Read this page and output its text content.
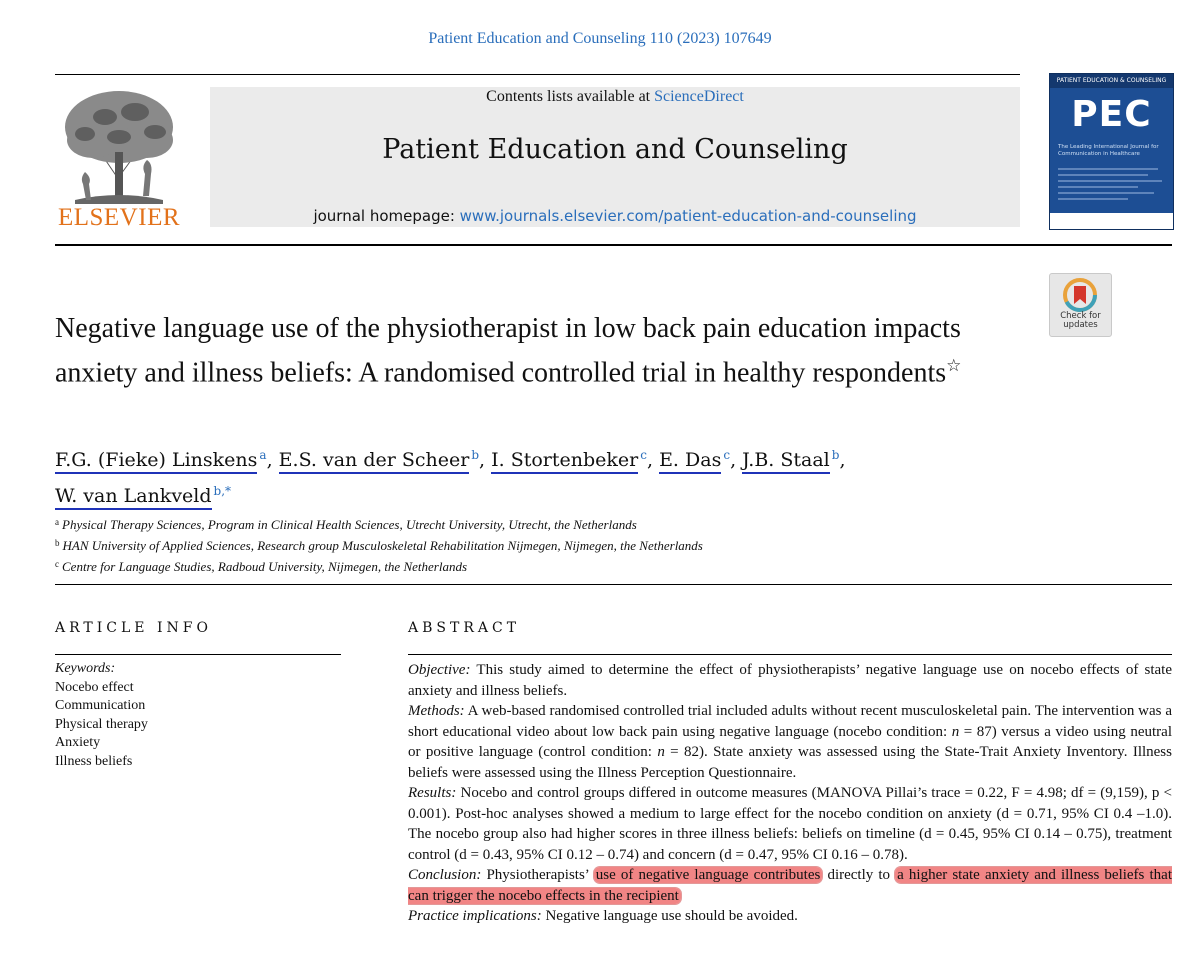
Patient Education and Counseling 110 (2023) 107649
ELSEVIER
Contents lists available at ScienceDirect
Patient Education and Counseling
journal homepage: www.journals.elsevier.com/patient-education-and-counseling
PATIENT EDUCATION & COUNSELING
PEC
The Leading International Journal for Communication in Healthcare
Check for updates
Negative language use of the physiotherapist in low back pain education impacts anxiety and illness beliefs: A randomised controlled trial in healthy respondents☆
F.G. (Fieke) Linskens $^a$, E.S. van der Scheer $^b$, I. Stortenbeker $^c$, E. Das $^c$, J.B. Staal $^b$,
W. van Lankveld $^{b,*}$
$^a$ Physical Therapy Sciences, Program in Clinical Health Sciences, Utrecht University, Utrecht, the Netherlands
$^b$ HAN University of Applied Sciences, Research group Musculoskeletal Rehabilitation Nijmegen, Nijmegen, the Netherlands
$^c$ Centre for Language Studies, Radboud University, Nijmegen, the Netherlands
ARTICLE INFO
Keywords:
Nocebo effect
Communication
Physical therapy
Anxiety
Illness beliefs
ABSTRACT

Objective: This study aimed to determine the effect of physiotherapists’ negative language use on nocebo effects of state anxiety and illness beliefs.

Methods: A web-based randomised controlled trial included adults without recent musculoskeletal pain. The intervention was a short educational video about low back pain using negative language (nocebo condition: n = 87) versus a video using neutral or positive language (control condition: n = 82). State anxiety was assessed using the State-Trait Anxiety Inventory. Illness beliefs were assessed using the Illness Perception Questionnaire.

Results: Nocebo and control groups differed in outcome measures (MANOVA Pillai’s trace = 0.22, F = 4.98; df = (9,159), p < 0.001). Post-hoc analyses showed a medium to large effect for the nocebo condition on anxiety (d = 0.71, 95% CI 0.4 –1.0). The nocebo group also had higher scores in three illness beliefs: beliefs on timeline (d = 0.45, 95% CI 0.14 – 0.75), treatment control (d = 0.43, 95% CI 0.12 – 0.74) and concern (d = 0.47, 95% CI 0.16 – 0.78).

Conclusion: Physiotherapists’ use of negative language contributes directly to a higher state anxiety and illness beliefs that can trigger the nocebo effects in the recipient

Practice implications: Negative language use should be avoided.
